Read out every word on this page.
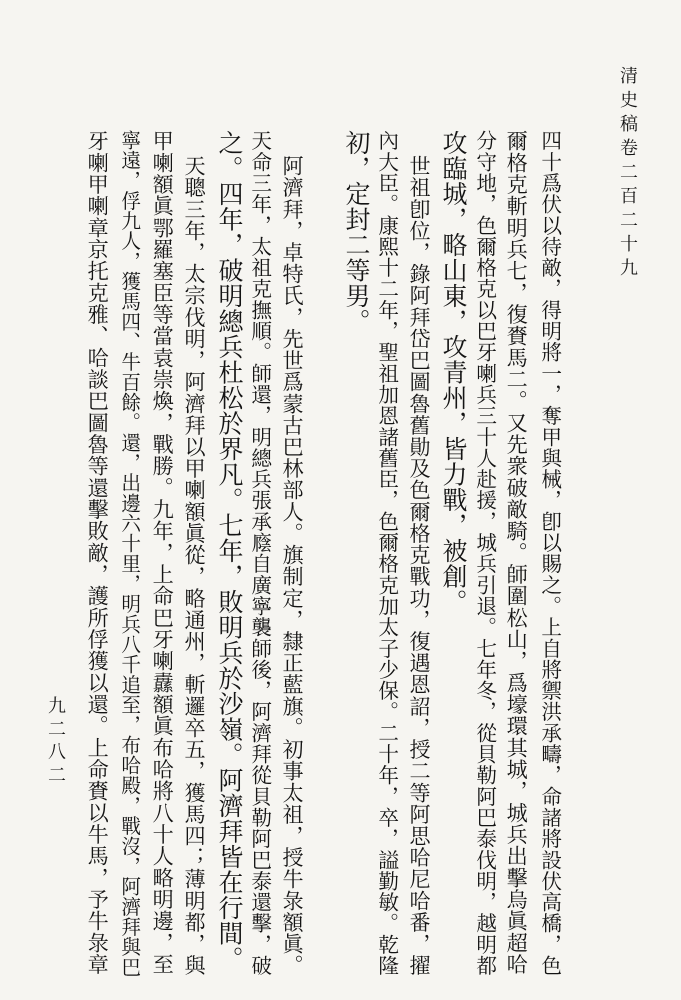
清史稿卷二百二十九
九二八二	四十爲伏以待敵，得明將一，奪甲與械，卽以賜之。上自將禦洪承疇，命諸將設伏高橋，色
爾格克斬明兵七，復賚馬二。又先衆破敵騎。師圍松山，爲壕環其城，城兵出擊烏眞超哈
分守地，色爾格克以巴牙喇兵三十人赴援，城兵引退。七年冬，從貝勒阿巴泰伐明，越明都
攻臨城，略山東，攻青州，皆力戰，被創。
世祖卽位，錄阿拜岱巴圖魯舊勛及色爾格克戰功，復遇恩詔，授二等阿思哈尼哈番，擢
內大臣。康熙十二年，聖祖加恩諸舊臣，色爾格克加太子少保。二十年，卒，謚勤敏。乾隆
初，定封二等男。
阿濟拜，卓特氏，先世爲蒙古巴林部人。旗制定，隸正藍旗。初事太祖，授牛彔額眞。
天命三年，太祖克撫順。師還，明總兵張承廕自廣寧襲師後，阿濟拜從貝勒阿巴泰還擊，破
之。四年，破明總兵杜松於界凡。七年，敗明兵於沙嶺。阿濟拜皆在行間。
天聰三年，太宗伐明，阿濟拜以甲喇額眞從，略通州，斬邏卒五，獲馬四；薄明都，與
甲喇額眞鄂羅塞臣等當袁崇煥，戰勝。九年，上命巴牙喇纛額眞布哈將八十人略明邊，至
寧遠，俘九人，獲馬四、牛百餘。還，出邊六十里，明兵八千追至，布哈殿，戰沒，阿濟拜與巴
牙喇甲喇章京托克雅、哈談巴圖魯等還擊敗敵，護所俘獲以還。上命賚以牛馬，予牛彔章
